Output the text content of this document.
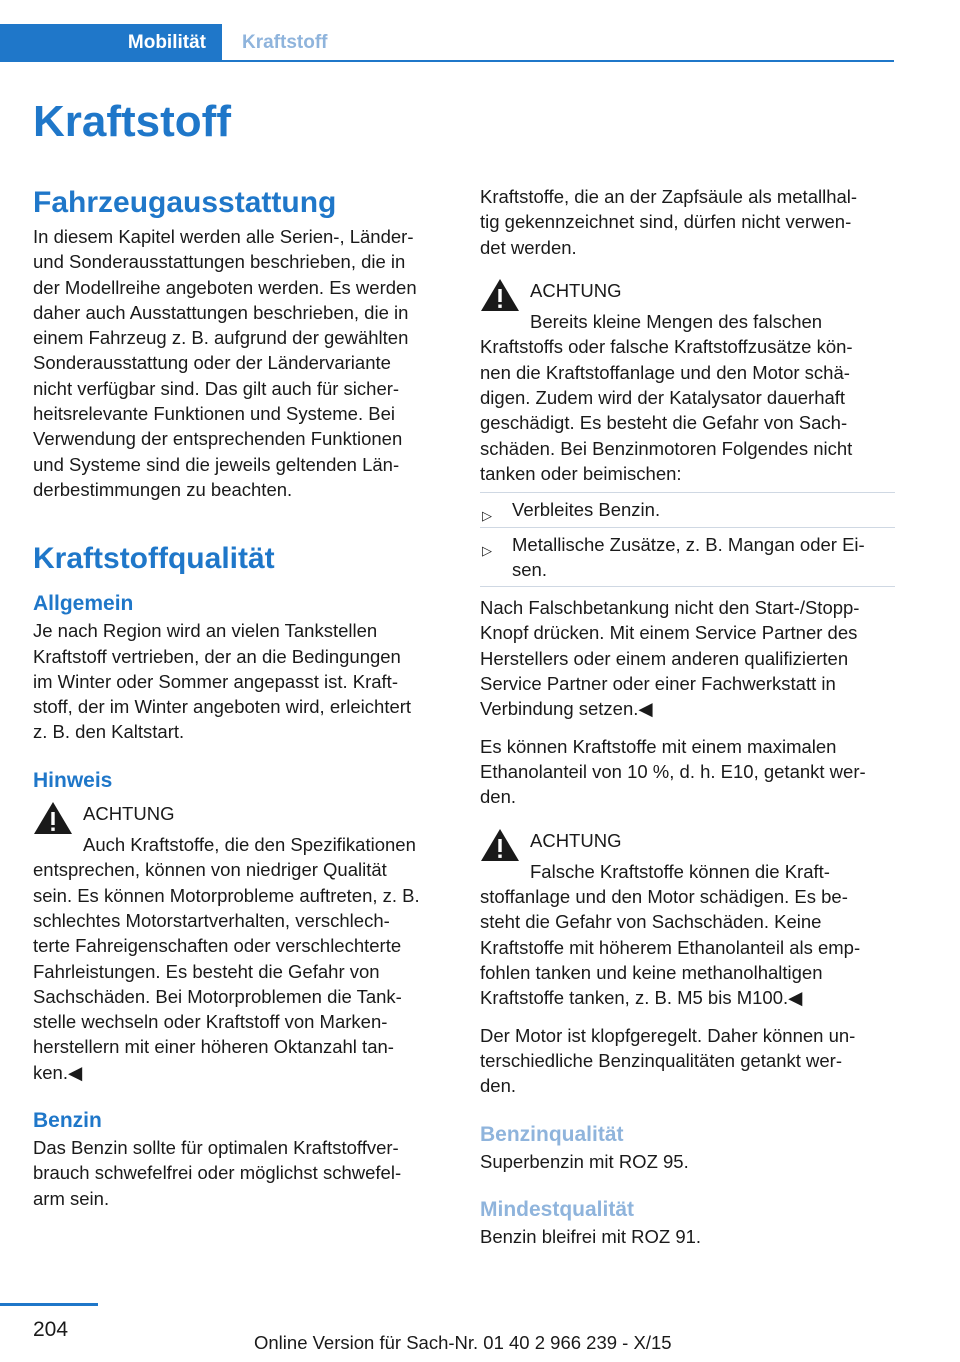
Mobilität	Kraftstoff
Kraftstoff
Fahrzeugausstattung

In diesem Kapitel werden alle Serien-, Länder-

und Sonderausstattungen beschrieben, die in

der Modellreihe angeboten werden. Es werden

daher auch Ausstattungen beschrieben, die in

einem Fahrzeug z. B. aufgrund der gewählten

Sonderausstattung oder der Ländervariante

nicht verfügbar sind. Das gilt auch für sicher-

heitsrelevante Funktionen und Systeme. Bei

Verwendung der entsprechenden Funktionen

und Systeme sind die jeweils geltenden Län-

derbestimmungen zu beachten.

Kraftstoffqualität
Allgemein

Je nach Region wird an vielen Tankstellen

Kraftstoff vertrieben, der an die Bedingungen

im Winter oder Sommer angepasst ist. Kraft-

stoff, der im Winter angeboten wird, erleichtert

z. B. den Kaltstart.

Hinweis
ACHTUNG
Auch Kraftstoffe, die den Spezifikationen

entsprechen, können von niedriger Qualität

sein. Es können Motorprobleme auftreten, z. B.

schlechtes Motorstartverhalten, verschlech-

terte Fahreigenschaften oder verschlechterte

Fahrleistungen. Es besteht die Gefahr von

Sachschäden. Bei Motorproblemen die Tank-

stelle wechseln oder Kraftstoff von Marken-

herstellern mit einer höheren Oktanzahl tan-

ken.◀

Benzin

Das Benzin sollte für optimalen Kraftstoffver-

brauch schwefelfrei oder möglichst schwefel-

arm sein.

Kraftstoffe, die an der Zapfsäule als metallhal-

tig gekennzeichnet sind, dürfen nicht verwen-

det werden.

ACHTUNG
Bereits kleine Mengen des falschen

Kraftstoffs oder falsche Kraftstoffzusätze kön-

nen die Kraftstoffanlage und den Motor schä-

digen. Zudem wird der Katalysator dauerhaft

geschädigt. Es besteht die Gefahr von Sach-

schäden. Bei Benzinmotoren Folgendes nicht

tanken oder beimischen:

▷ Verbleites Benzin.
▷ Metallische Zusätze, z. B. Mangan oder Ei-
sen.

Nach Falschbetankung nicht den Start-/Stopp-

Knopf drücken. Mit einem Service Partner des

Herstellers oder einem anderen qualifizierten

Service Partner oder einer Fachwerkstatt in

Verbindung setzen.◀

Es können Kraftstoffe mit einem maximalen

Ethanolanteil von 10 %, d. h. E10, getankt wer-

den.

ACHTUNG
Falsche Kraftstoffe können die Kraft-

stoffanlage und den Motor schädigen. Es be-

steht die Gefahr von Sachschäden. Keine

Kraftstoffe mit höherem Ethanolanteil als emp-

fohlen tanken und keine methanolhaltigen

Kraftstoffe tanken, z. B. M5 bis M100.◀

Der Motor ist klopfgeregelt. Daher können un-

terschiedliche Benzinqualitäten getankt wer-

den.

Benzinqualität

Superbenzin mit ROZ 95.

Mindestqualität

Benzin bleifrei mit ROZ 91.

204
Online Version für Sach-Nr. 01 40 2 966 239 - X/15
